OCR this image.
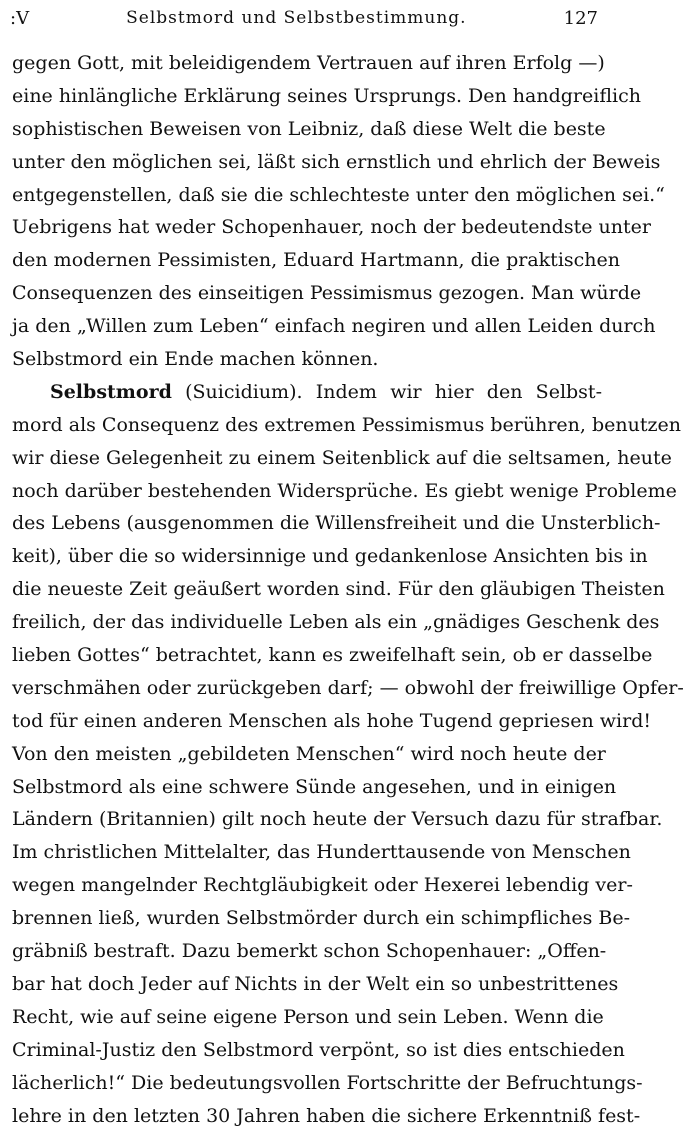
:V	Selbstmord und Selbstbestimmung.	127
gegen Gott, mit beleidigendem Vertrauen auf ihren Erfolg —)
eine hinlängliche Erklärung seines Ursprungs. Den handgreiflich
sophistischen Beweisen von Leibniz, daß diese Welt die beste
unter den möglichen sei, läßt sich ernstlich und ehrlich der Beweis
entgegenstellen, daß sie die schlechteste unter den möglichen sei.“
Uebrigens hat weder Schopenhauer, noch der bedeutendste unter
den modernen Pessimisten, Eduard Hartmann, die praktischen
Consequenzen des einseitigen Pessimismus gezogen. Man würde
ja den „Willen zum Leben“ einfach negiren und allen Leiden durch
Selbstmord ein Ende machen können.
Selbstmord (Suicidium). Indem wir hier den Selbst-
mord als Consequenz des extremen Pessimismus berühren, benutzen
wir diese Gelegenheit zu einem Seitenblick auf die seltsamen, heute
noch darüber bestehenden Widersprüche. Es giebt wenige Probleme
des Lebens (ausgenommen die Willensfreiheit und die Unsterblich-
keit), über die so widersinnige und gedankenlose Ansichten bis in
die neueste Zeit geäußert worden sind. Für den gläubigen Theisten
freilich, der das individuelle Leben als ein „gnädiges Geschenk des
lieben Gottes“ betrachtet, kann es zweifelhaft sein, ob er dasselbe
verschmähen oder zurückgeben darf; — obwohl der freiwillige Opfer-
tod für einen anderen Menschen als hohe Tugend gepriesen wird!
Von den meisten „gebildeten Menschen“ wird noch heute der
Selbstmord als eine schwere Sünde angesehen, und in einigen
Ländern (Britannien) gilt noch heute der Versuch dazu für strafbar.
Im christlichen Mittelalter, das Hunderttausende von Menschen
wegen mangelnder Rechtgläubigkeit oder Hexerei lebendig ver-
brennen ließ, wurden Selbstmörder durch ein schimpfliches Be-
gräbniß bestraft. Dazu bemerkt schon Schopenhauer: „Offen-
bar hat doch Jeder auf Nichts in der Welt ein so unbestrittenes
Recht, wie auf seine eigene Person und sein Leben. Wenn die
Criminal-Justiz den Selbstmord verpönt, so ist dies entschieden
lächerlich!“ Die bedeutungsvollen Fortschritte der Befruchtungs-
lehre in den letzten 30 Jahren haben die sichere Erkenntniß fest-
